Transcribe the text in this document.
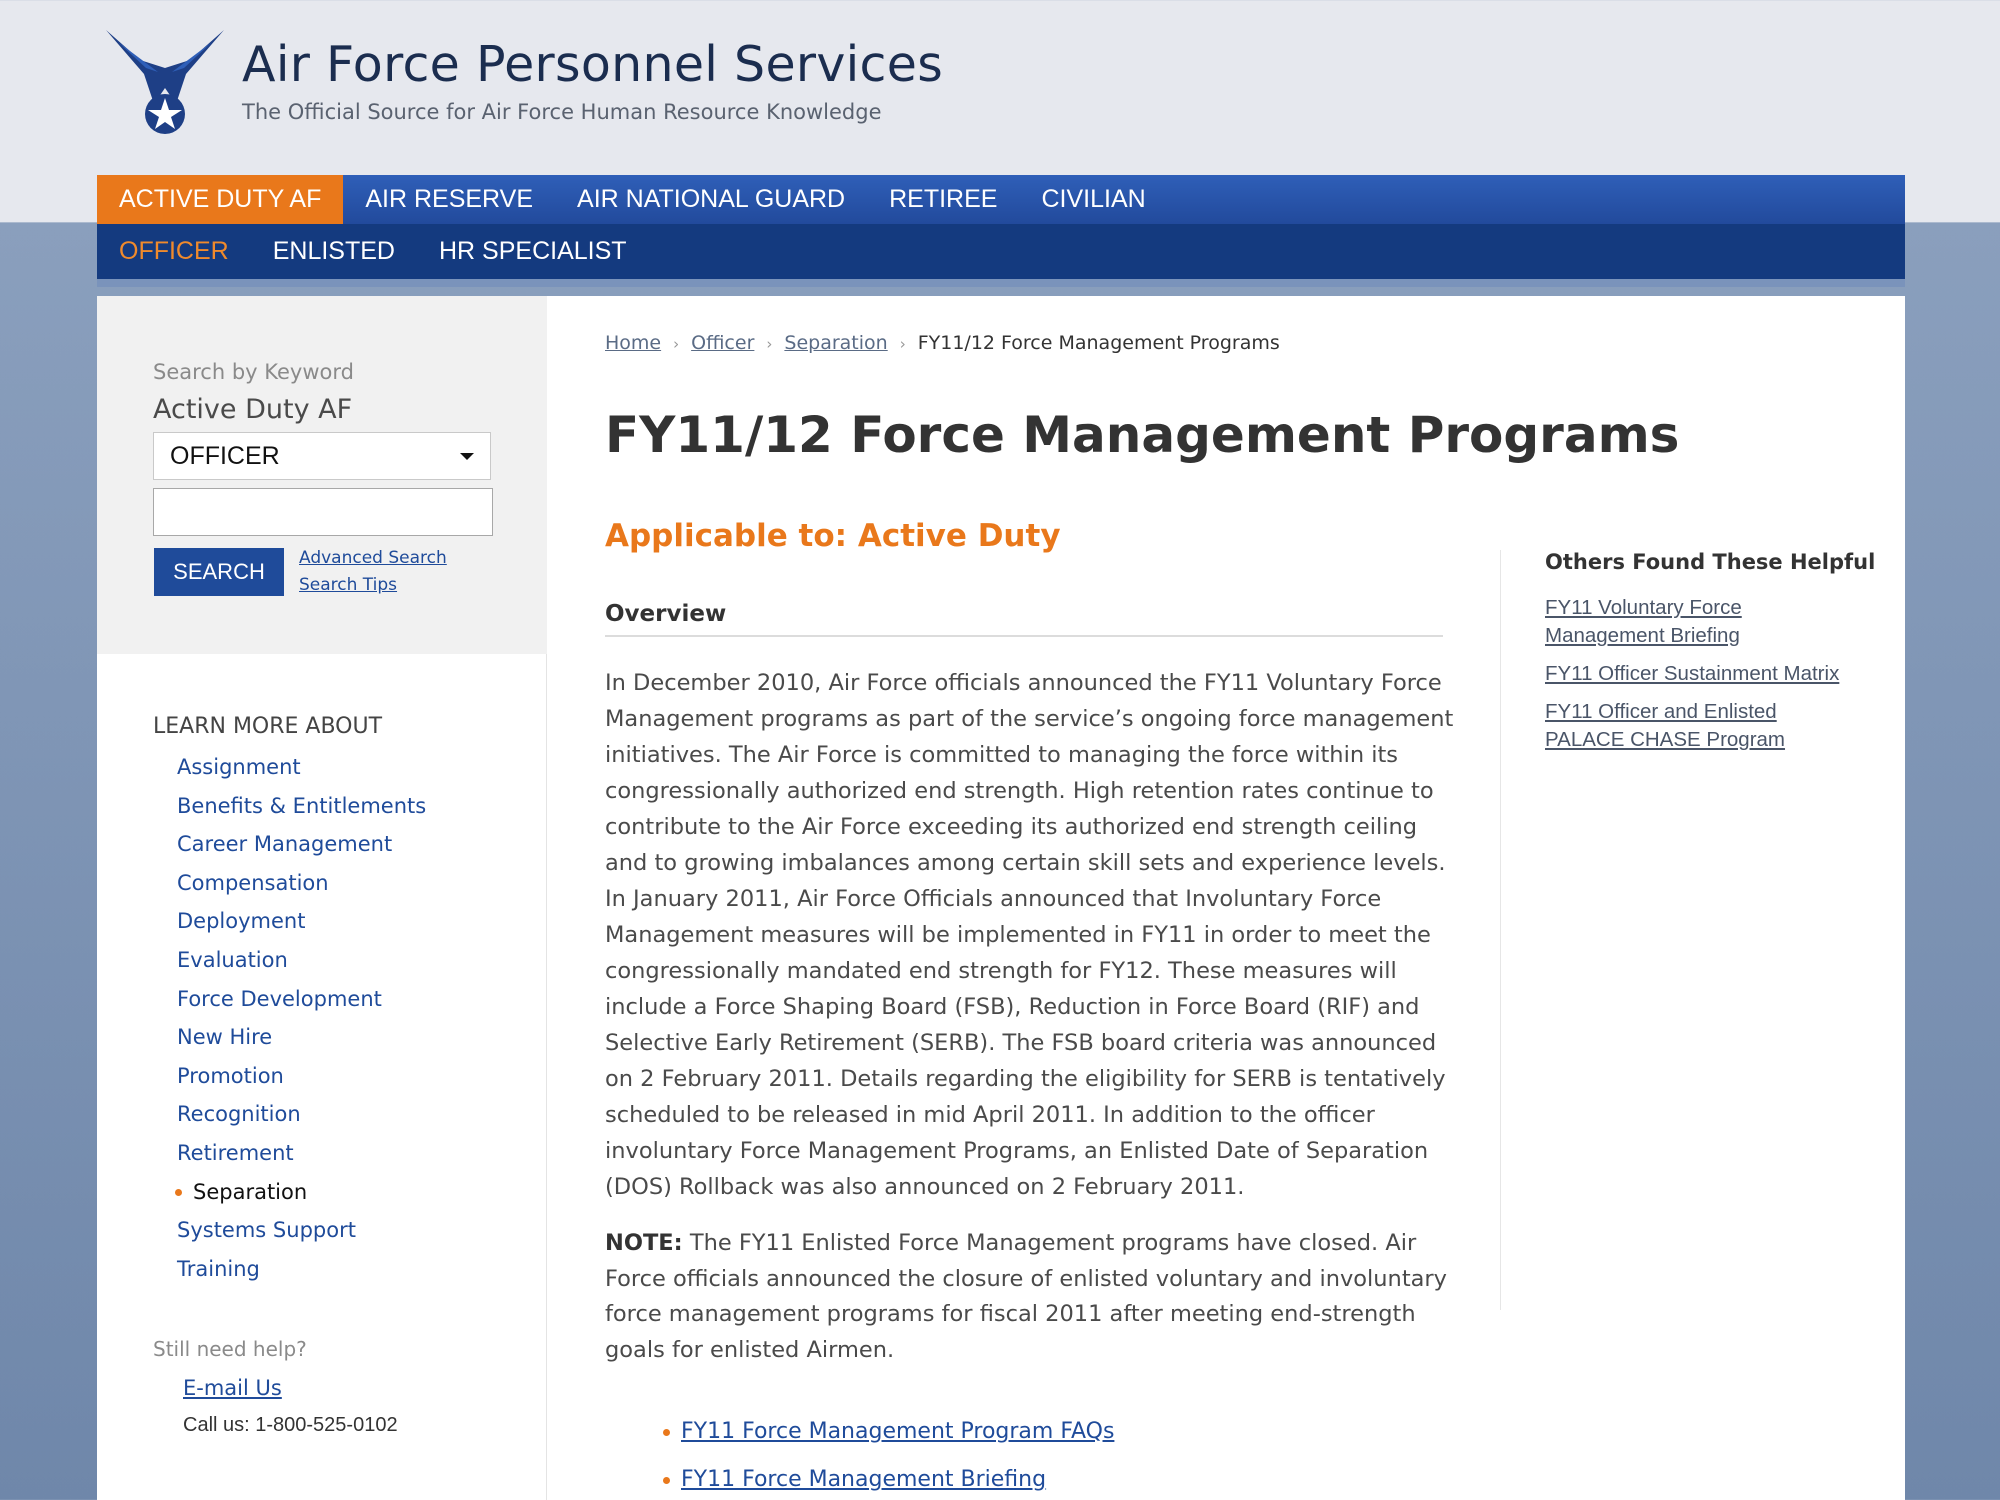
Air Force Personnel Services
The Official Source for Air Force Human Resource Knowledge
ACTIVE DUTY AF	AIR RESERVE	AIR NATIONAL GUARD	RETIREE	CIVILIAN
OFFICER	ENLISTED	HR SPECIALIST
Search by Keyword
Active Duty AF
OFFICER
SEARCH
Advanced Search
Search Tips
LEARN MORE ABOUT
Assignment
Benefits & Entitlements
Career Management
Compensation
Deployment
Evaluation
Force Development
New Hire
Promotion
Recognition
Retirement
Separation
Systems Support
Training
Still need help?
E-mail Us
Call us: 1-800-525-0102
Home › Officer › Separation › FY11/12 Force Management Programs
FY11/12 Force Management Programs
Applicable to: Active Duty
Overview

In December 2010, Air Force officials announced the FY11 Voluntary Force Management programs as part of the service’s ongoing force management initiatives. The Air Force is committed to managing the force within its congressionally authorized end strength. High retention rates continue to contribute to the Air Force exceeding its authorized end strength ceiling and to growing imbalances among certain skill sets and experience levels. In January 2011, Air Force Officials announced that Involuntary Force Management measures will be implemented in FY11 in order to meet the congressionally mandated end strength for FY12. These measures will include a Force Shaping Board (FSB), Reduction in Force Board (RIF) and Selective Early Retirement (SERB). The FSB board criteria was announced on 2 February 2011. Details regarding the eligibility for SERB is tentatively scheduled to be released in mid April 2011. In addition to the officer involuntary Force Management Programs, an Enlisted Date of Separation (DOS) Rollback was also announced on 2 February 2011.

NOTE: The FY11 Enlisted Force Management programs have closed. Air Force officials announced the closure of enlisted voluntary and involuntary force management programs for fiscal 2011 after meeting end-strength goals for enlisted Airmen.

FY11 Force Management Program FAQs
FY11 Force Management Briefing
Others Found These Helpful
FY11 Voluntary Force Management Briefing
FY11 Officer Sustainment Matrix
FY11 Officer and Enlisted PALACE CHASE Program
